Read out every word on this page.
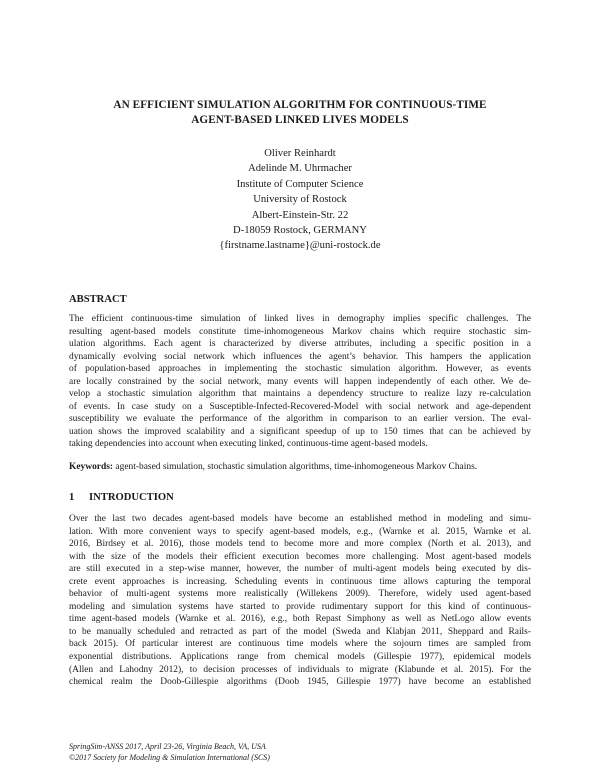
AN EFFICIENT SIMULATION ALGORITHM FOR CONTINUOUS-TIME
AGENT-BASED LINKED LIVES MODELS
Oliver Reinhardt
Adelinde M. Uhrmacher
Institute of Computer Science
University of Rostock
Albert-Einstein-Str. 22
D-18059 Rostock, GERMANY
{firstname.lastname}@uni-rostock.de
ABSTRACT
The efficient continuous-time simulation of linked lives in demography implies specific challenges. The
resulting agent-based models constitute time-inhomogeneous Markov chains which require stochastic sim-
ulation algorithms. Each agent is characterized by diverse attributes, including a specific position in a
dynamically evolving social network which influences the agent’s behavior. This hampers the application
of population-based approaches in implementing the stochastic simulation algorithm. However, as events
are locally constrained by the social network, many events will happen independently of each other. We de-
velop a stochastic simulation algorithm that maintains a dependency structure to realize lazy re-calculation
of events. In case study on a Susceptible-Infected-Recovered-Model with social network and age-dependent
susceptibility we evaluate the performance of the algorithm in comparison to an earlier version. The eval-
uation shows the improved scalability and a significant speedup of up to 150 times that can be achieved by
taking dependencies into account when executing linked, continuous-time agent-based models.
Keywords: agent-based simulation, stochastic simulation algorithms, time-inhomogeneous Markov Chains.
1 INTRODUCTION
Over the last two decades agent-based models have become an established method in modeling and simu-
lation. With more convenient ways to specify agent-based models, e.g., (Warnke et al. 2015, Warnke et al.
2016, Birdsey et al. 2016), those models tend to become more and more complex (North et al. 2013), and
with the size of the models their efficient execution becomes more challenging. Most agent-based models
are still executed in a step-wise manner, however, the number of multi-agent models being executed by dis-
crete event approaches is increasing. Scheduling events in continuous time allows capturing the temporal
behavior of multi-agent systems more realistically (Willekens 2009). Therefore, widely used agent-based
modeling and simulation systems have started to provide rudimentary support for this kind of continuous-
time agent-based models (Warnke et al. 2016), e.g., both Repast Simphony as well as NetLogo allow events
to be manually scheduled and retracted as part of the model (Sweda and Klabjan 2011, Sheppard and Rails-
back 2015). Of particular interest are continuous time models where the sojourn times are sampled from
exponential distributions. Applications range from chemical models (Gillespie 1977), epidemical models
(Allen and Lahodny 2012), to decision processes of individuals to migrate (Klabunde et al. 2015). For the
chemical realm the Doob-Gillespie algorithms (Doob 1945, Gillespie 1977) have become an established
SpringSim-ANSS 2017, April 23-26, Virginia Beach, VA, USA
©2017 Society for Modeling & Simulation International (SCS)
